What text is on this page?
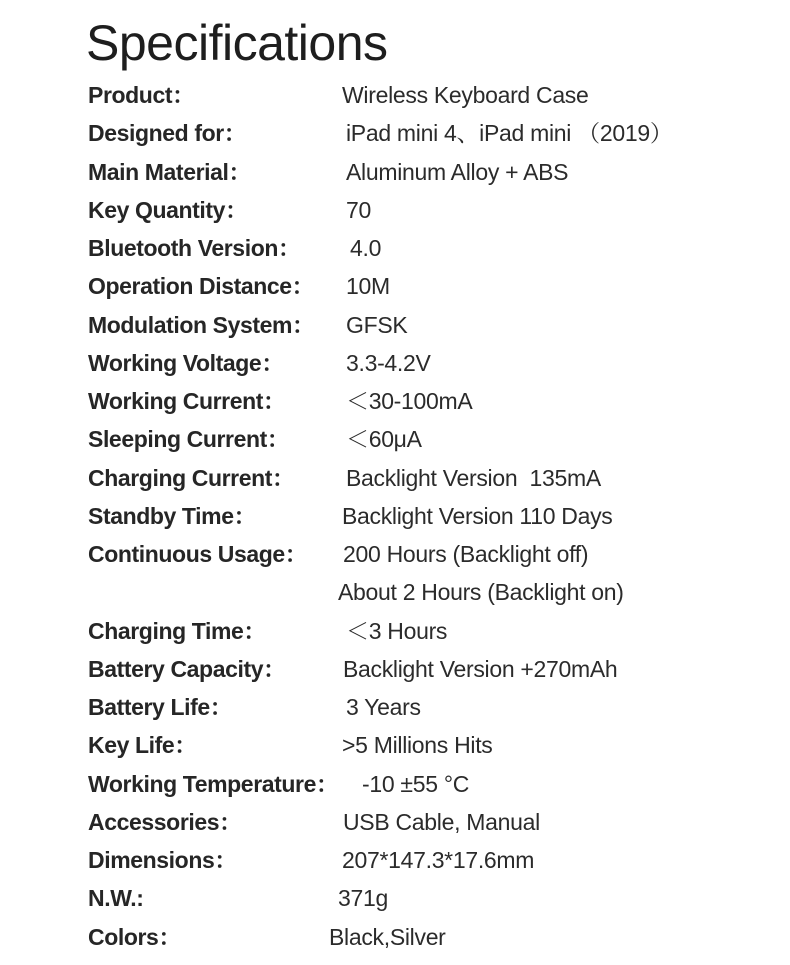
Specifications
Product：	Wireless Keyboard Case
Designed for：	iPad mini 4、iPad mini （2019）
Main Material：	Aluminum Alloy + ABS
Key Quantity：	70
Bluetooth Version： 4.0
Operation Distance： 10M
Modulation System： GFSK
Working Voltage：	3.3-4.2V
Working Current：	＜30-100mA
Sleeping Current： ＜60μA
Charging Current： Backlight Version  135mA
Standby Time：	Backlight Version 110 Days
Continuous Usage： 200 Hours (Backlight off)
About 2 Hours (Backlight on)
Charging Time：	＜3 Hours
Battery Capacity： Backlight Version +270mAh
Battery Life：	3 Years
Key Life：	>5 Millions Hits
Working Temperature： -10 ±55 °C
Accessories：	USB Cable, Manual
Dimensions：	207*147.3*17.6mm
N.W.:	371g
Colors：	Black,Silver
